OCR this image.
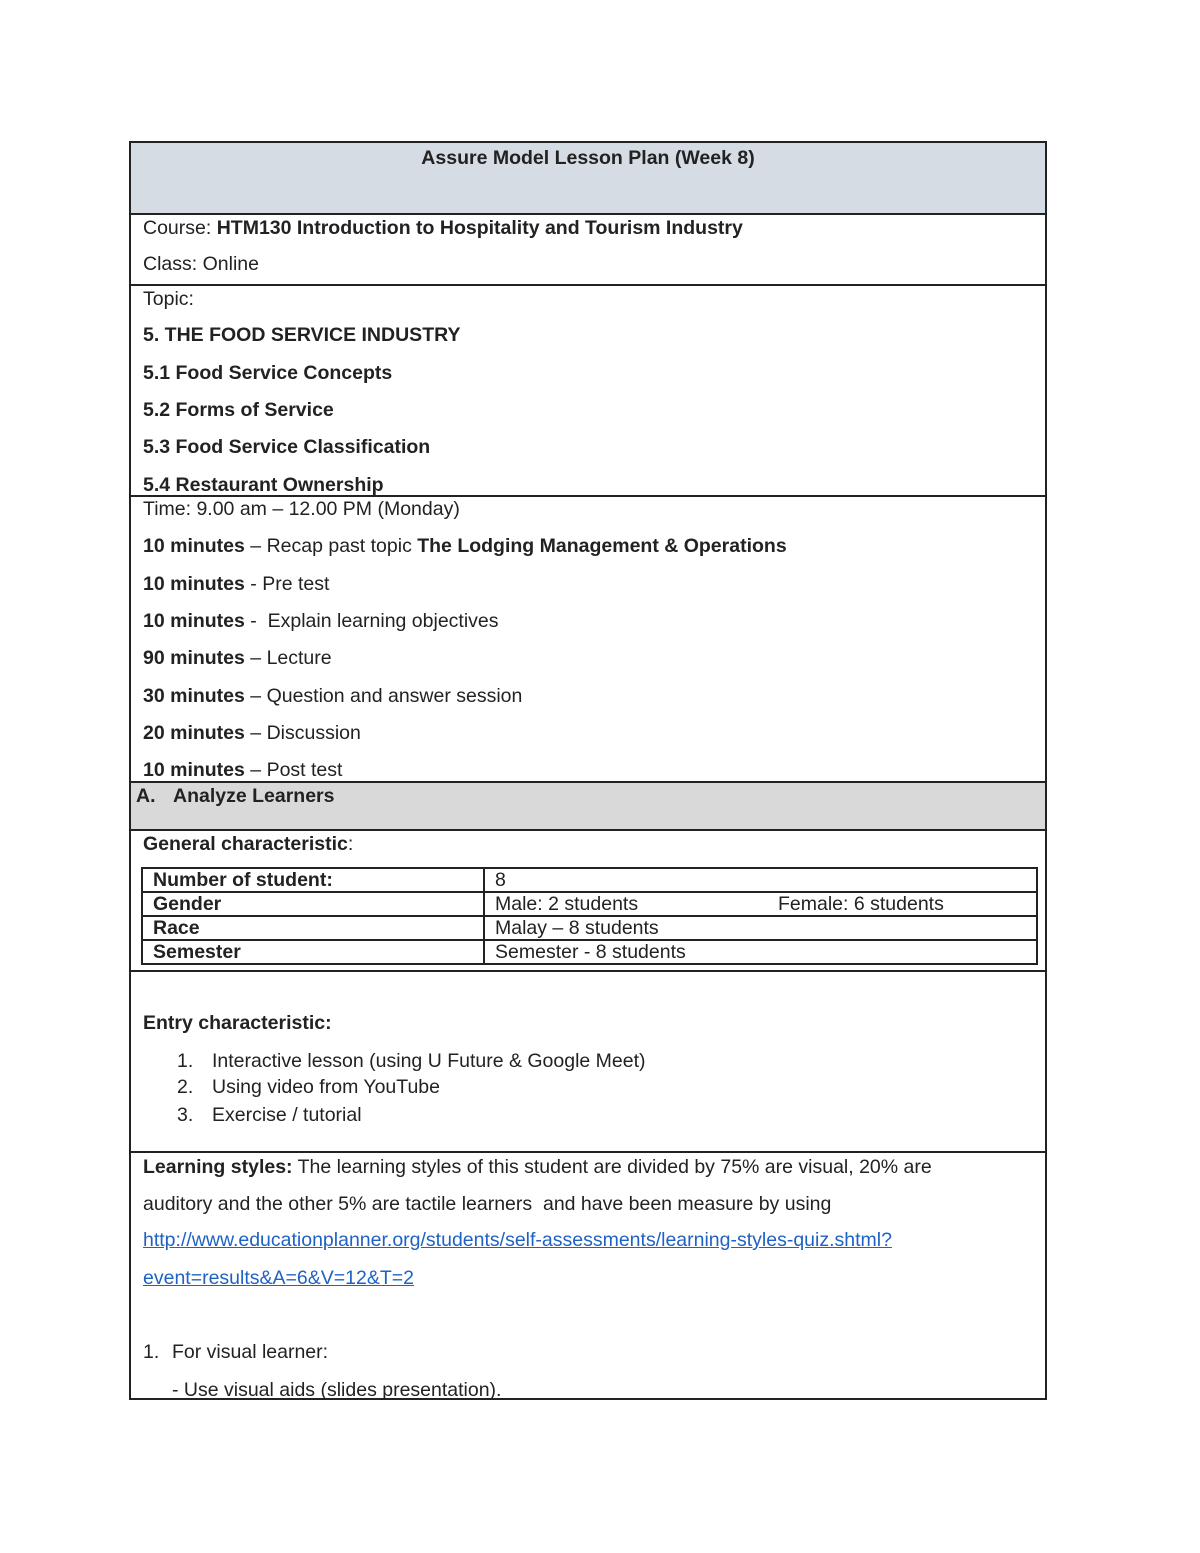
Assure Model Lesson Plan (Week 8)
Course: HTM130 Introduction to Hospitality and Tourism Industry
Class: Online
Topic:
5. THE FOOD SERVICE INDUSTRY
5.1 Food Service Concepts
5.2 Forms of Service
5.3 Food Service Classification
5.4 Restaurant Ownership
Time: 9.00 am – 12.00 PM (Monday)
10 minutes – Recap past topic The Lodging Management & Operations
10 minutes - Pre test
10 minutes -  Explain learning objectives
90 minutes – Lecture
30 minutes – Question and answer session
20 minutes – Discussion
10 minutes – Post test
A. Analyze Learners
General characteristic:
Number of student:	8
Gender	Male: 2 students Female: 6 students
Race	Malay – 8 students
Semester	Semester - 8 students
Entry characteristic:
1. Interactive lesson (using U Future & Google Meet)
2. Using video from YouTube
3. Exercise / tutorial
Learning styles: The learning styles of this student are divided by 75% are visual, 20% are
auditory and the other 5% are tactile learners  and have been measure by using
http://www.educationplanner.org/students/self-assessments/learning-styles-quiz.shtml?
event=results&A=6&V=12&T=2
1. For visual learner:
- Use visual aids (slides presentation).
